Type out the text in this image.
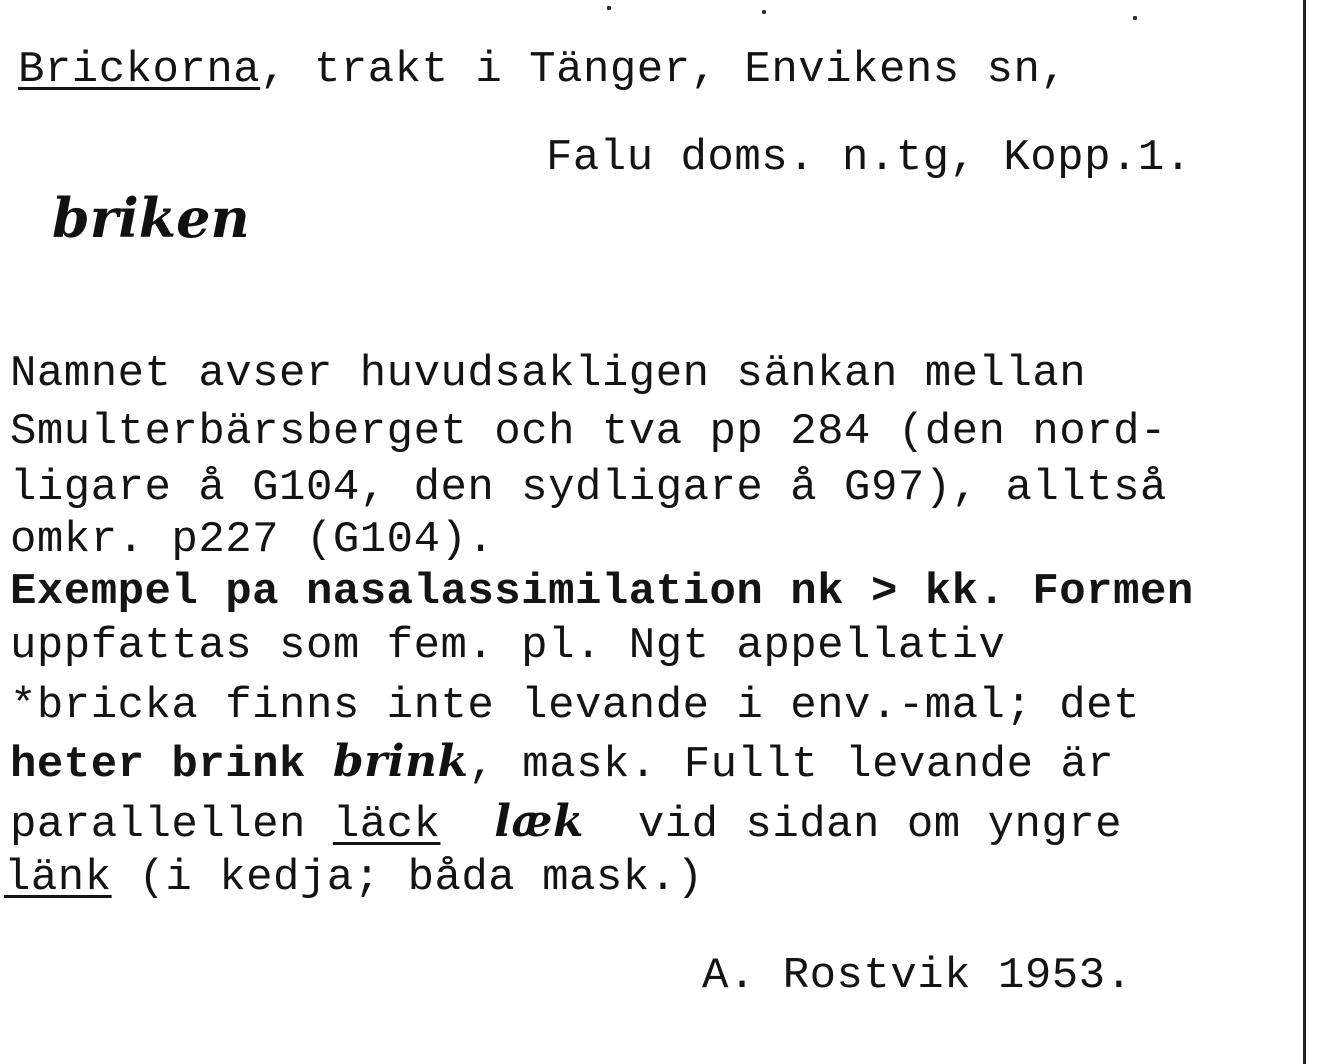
Brickorna, trakt i Tänger, Envikens sn,
Falu doms. n.tg, Kopp.1.
briken
Namnet avser huvudsakligen sänkan mellan
Smulterbärsberget och tva pp 284 (den nord-
ligare å G104, den sydligare å G97), alltså
omkr. p227 (G104).
Exempel pa nasalassimilation nk > kk. Formen
uppfattas som fem. pl. Ngt appellativ
*bricka finns inte levande i env.-mal; det
heter brink brink, mask. Fullt levande är
parallellen läck læk vid sidan om yngre
länk (i kedja; båda mask.)
A. Rostvik 1953.
